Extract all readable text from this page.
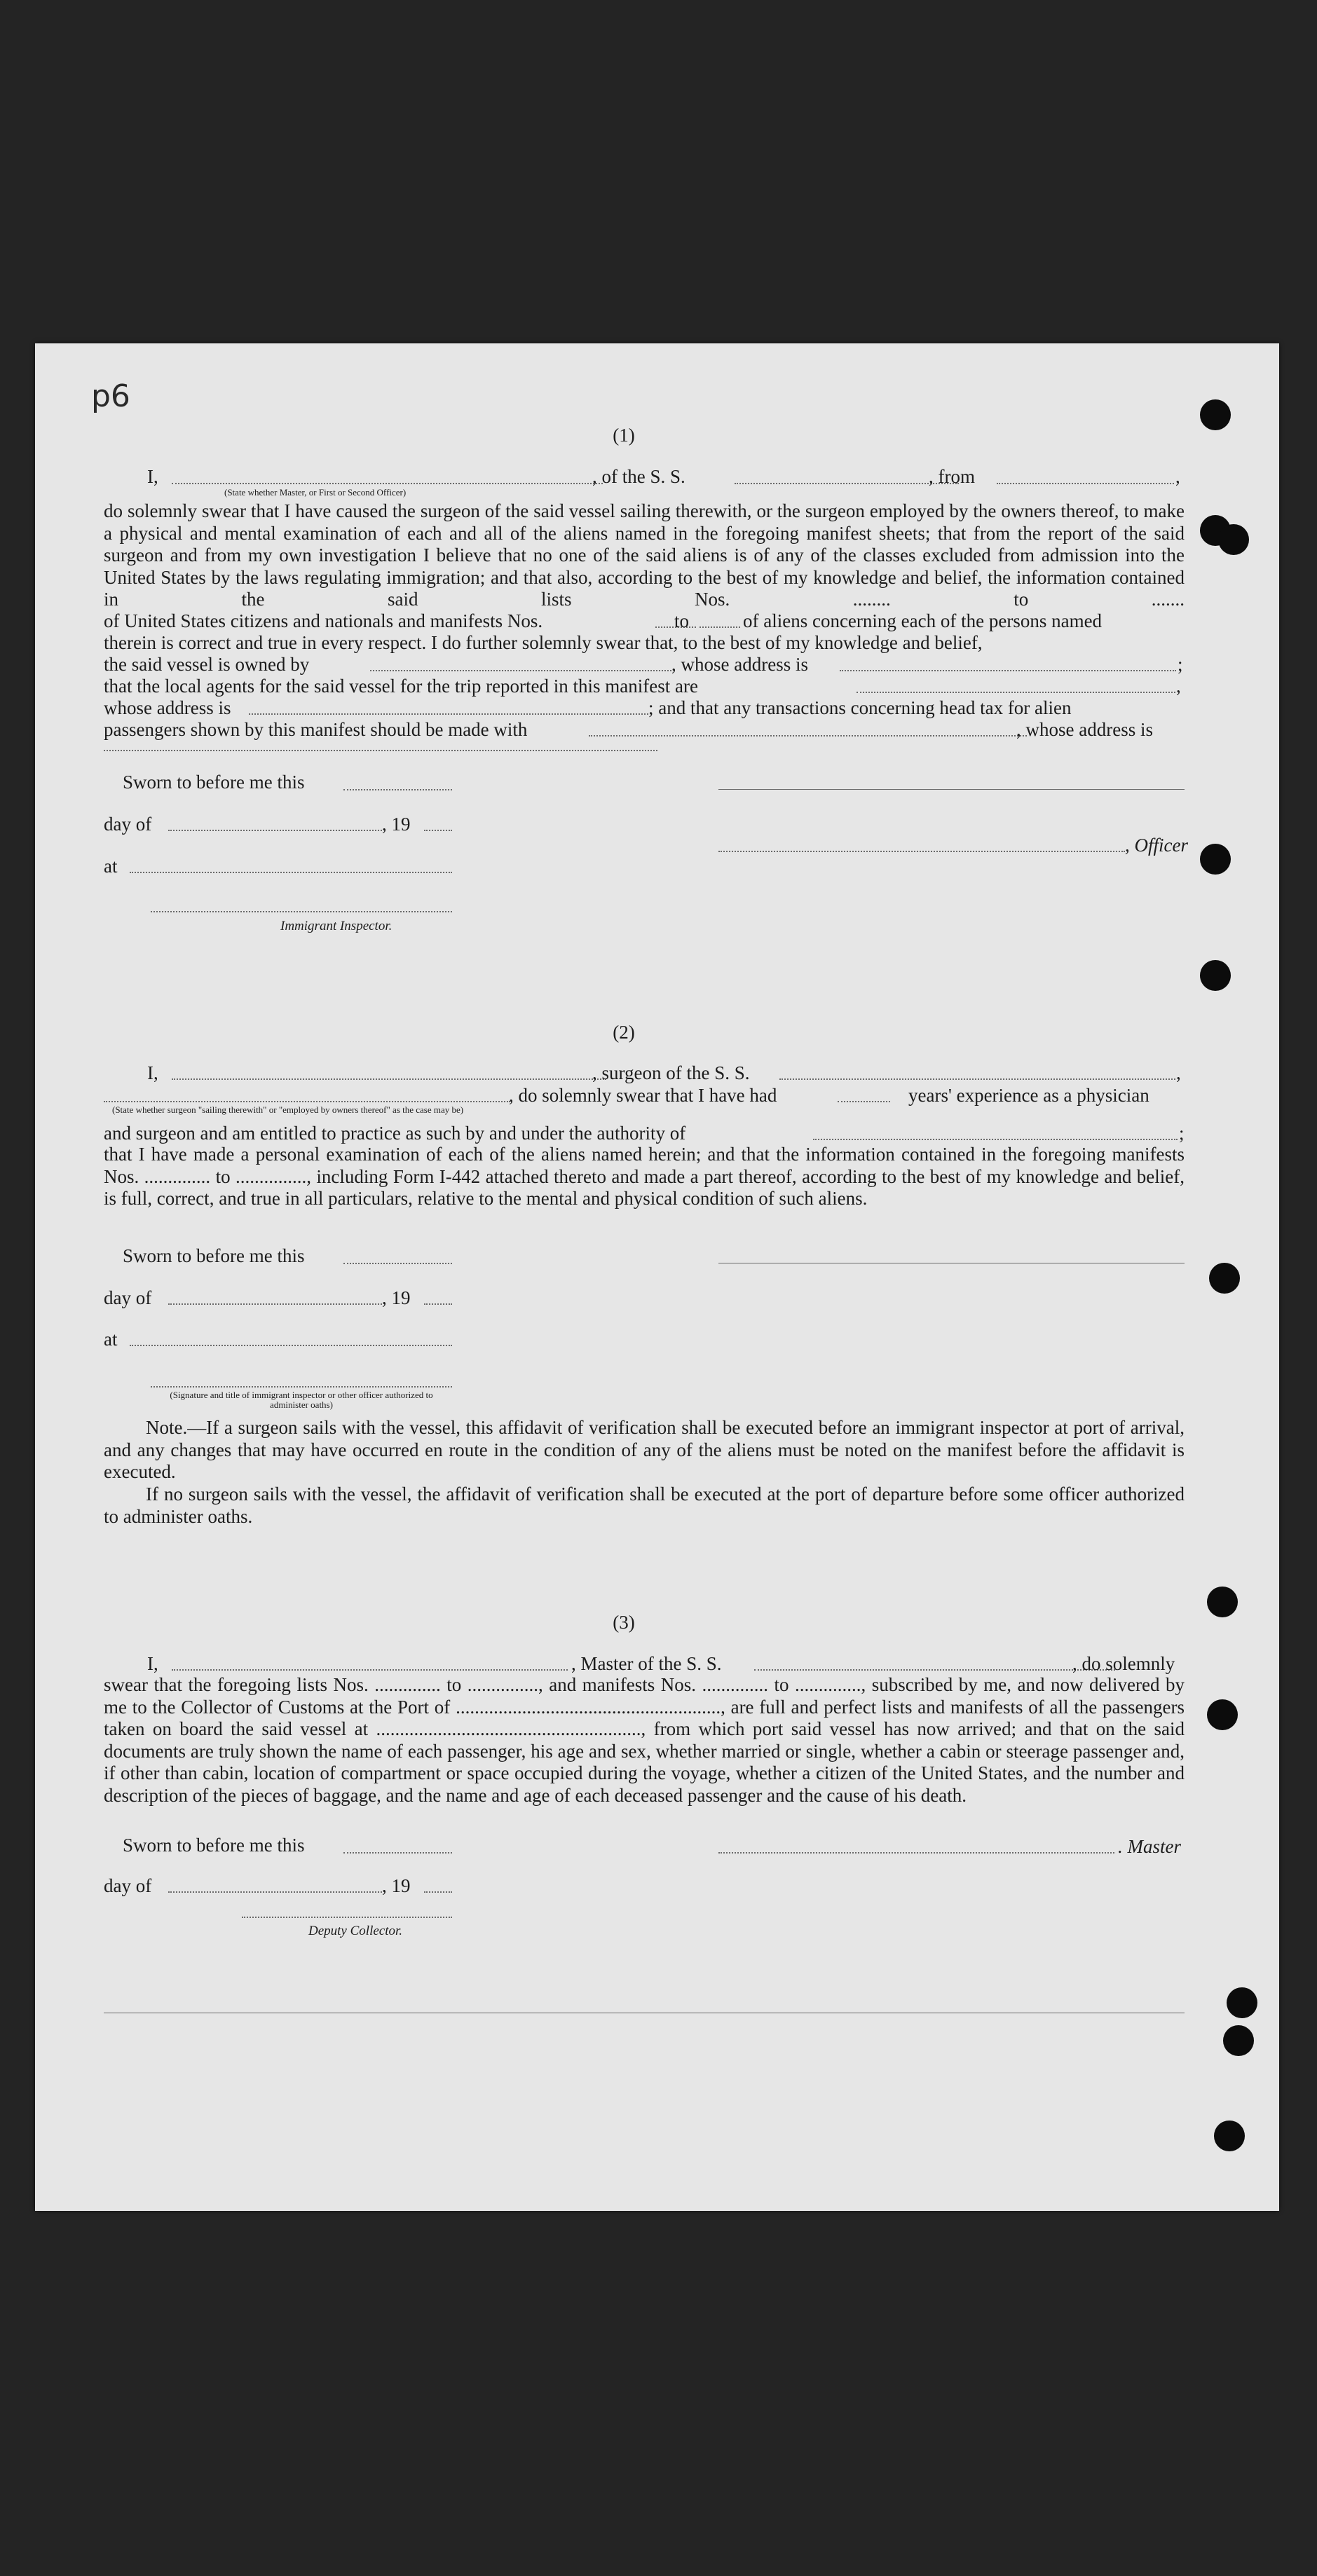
p6
(1)
I,	, of the S. S.	, from	,
(State whether Master, or First or Second Officer)
do solemnly swear that I have caused the surgeon of the said vessel sailing therewith, or the surgeon employed by the owners thereof, to make a physical and mental examination of each and all of the aliens named in the foregoing manifest sheets; that from the report of the said surgeon and from my own investigation I believe that no one of the said aliens is of any of the classes excluded from admission into the United States by the laws regulating immigration; and that also, according to the best of my knowledge and belief, the information contained in the said lists Nos. ........ to .......
of United States citizens and nationals and manifests Nos.	to	of aliens concerning each of the persons named
therein is correct and true in every respect. I do further solemnly swear that, to the best of my knowledge and belief,
the said vessel is owned by	, whose address is	;
that the local agents for the said vessel for the trip reported in this manifest are	,
whose address is	; and that any transactions concerning head tax for alien
passengers shown by this manifest should be made with	, whose address is
Sworn to before me this
day of	, 19
, Officer
at
Immigrant Inspector.
(2)
I,	, surgeon of the S. S.	,
, do solemnly swear that I have had	years' experience as a physician
(State whether surgeon "sailing therewith" or "employed by owners thereof" as the case may be)
and surgeon and am entitled to practice as such by and under the authority of	;
that I have made a personal examination of each of the aliens named herein; and that the information contained in the foregoing manifests Nos. .............. to ..............., including Form I-442 attached thereto and made a part thereof, according to the best of my knowledge and belief, is full, correct, and true in all particulars, relative to the mental and physical condition of such aliens.
Sworn to before me this
day of	, 19
at
(Signature and title of immigrant inspector or other officer authorized to administer oaths)
Note.—If a surgeon sails with the vessel, this affidavit of verification shall be executed before an immigrant inspector at port of arrival, and any changes that may have occurred en route in the condition of any of the aliens must be noted on the manifest before the affidavit is executed.
If no surgeon sails with the vessel, the affidavit of verification shall be executed at the port of departure before some officer authorized to administer oaths.
(3)
I,	, Master of the S. S.	, do solemnly
swear that the foregoing lists Nos. .............. to ..............., and manifests Nos. .............. to .............., subscribed by me, and now delivered by me to the Collector of Customs at the Port of ........................................................, are full and perfect lists and manifests of all the passengers taken on board the said vessel at ........................................................, from which port said vessel has now arrived; and that on the said documents are truly shown the name of each passenger, his age and sex, whether married or single, whether a cabin or steerage passenger and, if other than cabin, location of compartment or space occupied during the voyage, whether a citizen of the United States, and the number and description of the pieces of baggage, and the name and age of each deceased passenger and the cause of his death.
Sworn to before me this	. Master
day of	, 19
Deputy Collector.
